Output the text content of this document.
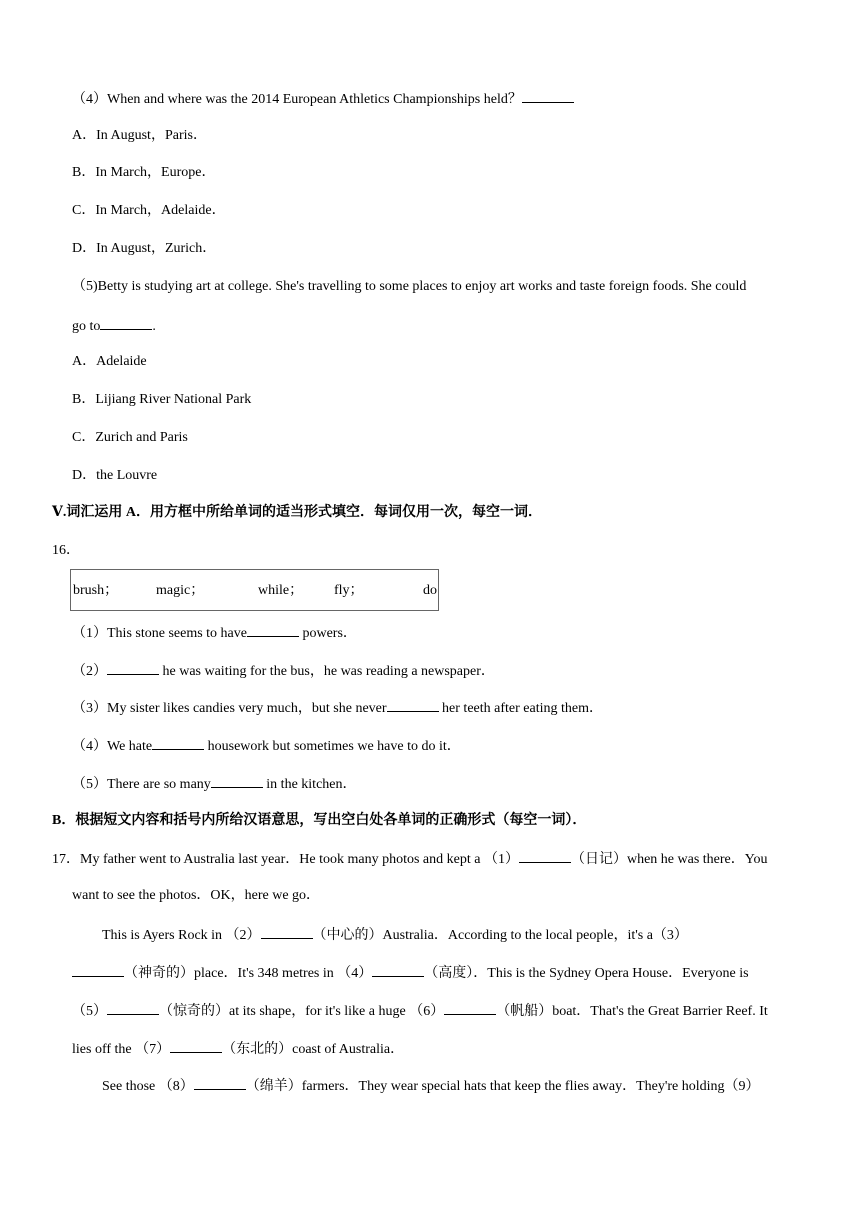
（4）When and where was the 2014 European Athletics Championships held？
A．In August，Paris．
B．In March，Europe．
C．In March，Adelaide．
D．In August，Zurich．
（5)Betty is studying art at college. She's travelling to some places to enjoy art works and taste foreign foods. She could
go to	.
A．Adelaide
B．Lijiang River National Park
C．Zurich and Paris
D．the Louvre
Ⅴ.词汇运用 A．用方框中所给单词的适当形式填空．每词仅用一次，每空一词．
16．
brush；	magic；	while； fly；	do
（1）This stone seems to have	powers．
（2）	he was waiting for the bus，he was reading a newspaper．
（3）My sister likes candies very much，but she never	her teeth after eating them．
（4）We hate	housework but sometimes we have to do it．
（5）There are so many	in the kitchen．
B．根据短文内容和括号内所给汉语意思，写出空白处各单词的正确形式（每空一词）．
17．My father went to Australia last year．He took many photos and kept a （1）	（日记）when he was there．You
want to see the photos．OK，here we go．
This is Ayers Rock in （2）	（中心的）Australia．According to the local people，it's a（3）
（神奇的）place．It's 348 metres in （4）	（高度）．This is the Sydney Opera House．Everyone is
（5）	（惊奇的）at its shape，for it's like a huge （6）	（帆船）boat．That's the Great Barrier Reef. It
lies off the （7）	（东北的）coast of Australia．
See those （8）	（绵羊）farmers．They wear special hats that keep the flies away．They're holding（9）
